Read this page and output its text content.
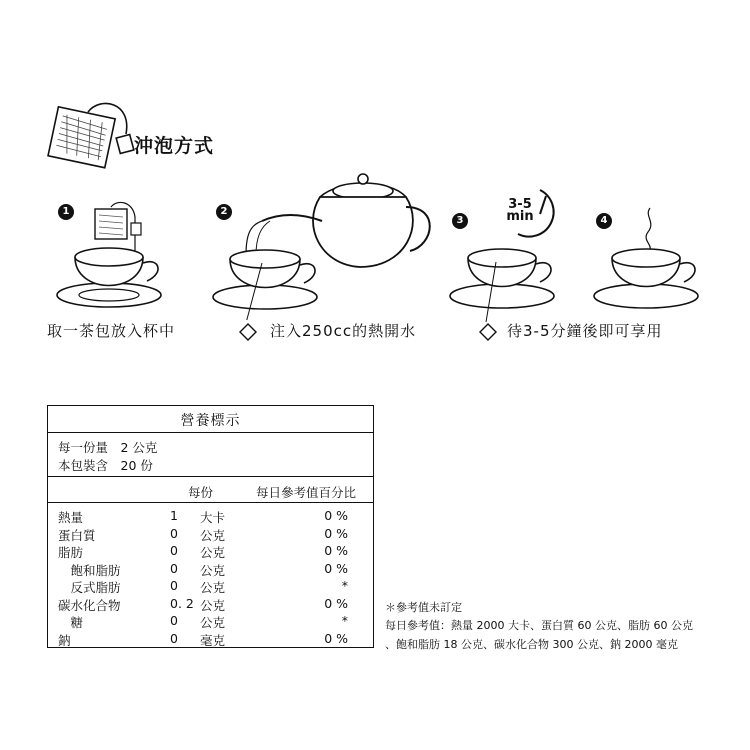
沖泡方式
1	2
3	4
3-5
min
取一茶包放入杯中	注入250cc的熱開水	待3-5分鐘後即可享用
營養標示
每一份量　2 公克
本包裝含　20 份
每份	每日參考值百分比
熱量	1	大卡	0 %
蛋白質	0	公克	0 %
脂肪	0	公克	0 %
　飽和脂肪	0	公克	0 %
　反式脂肪	0	公克	*
碳水化合物	0. 2 公克	0 %
　糖	0	公克	*
鈉	0	毫克	0 %
＊參考值未訂定
每日參考值：熱量 2000 大卡、蛋白質 60 公克、脂肪 60 公克
、飽和脂肪 18 公克、碳水化合物 300 公克、鈉 2000 毫克
